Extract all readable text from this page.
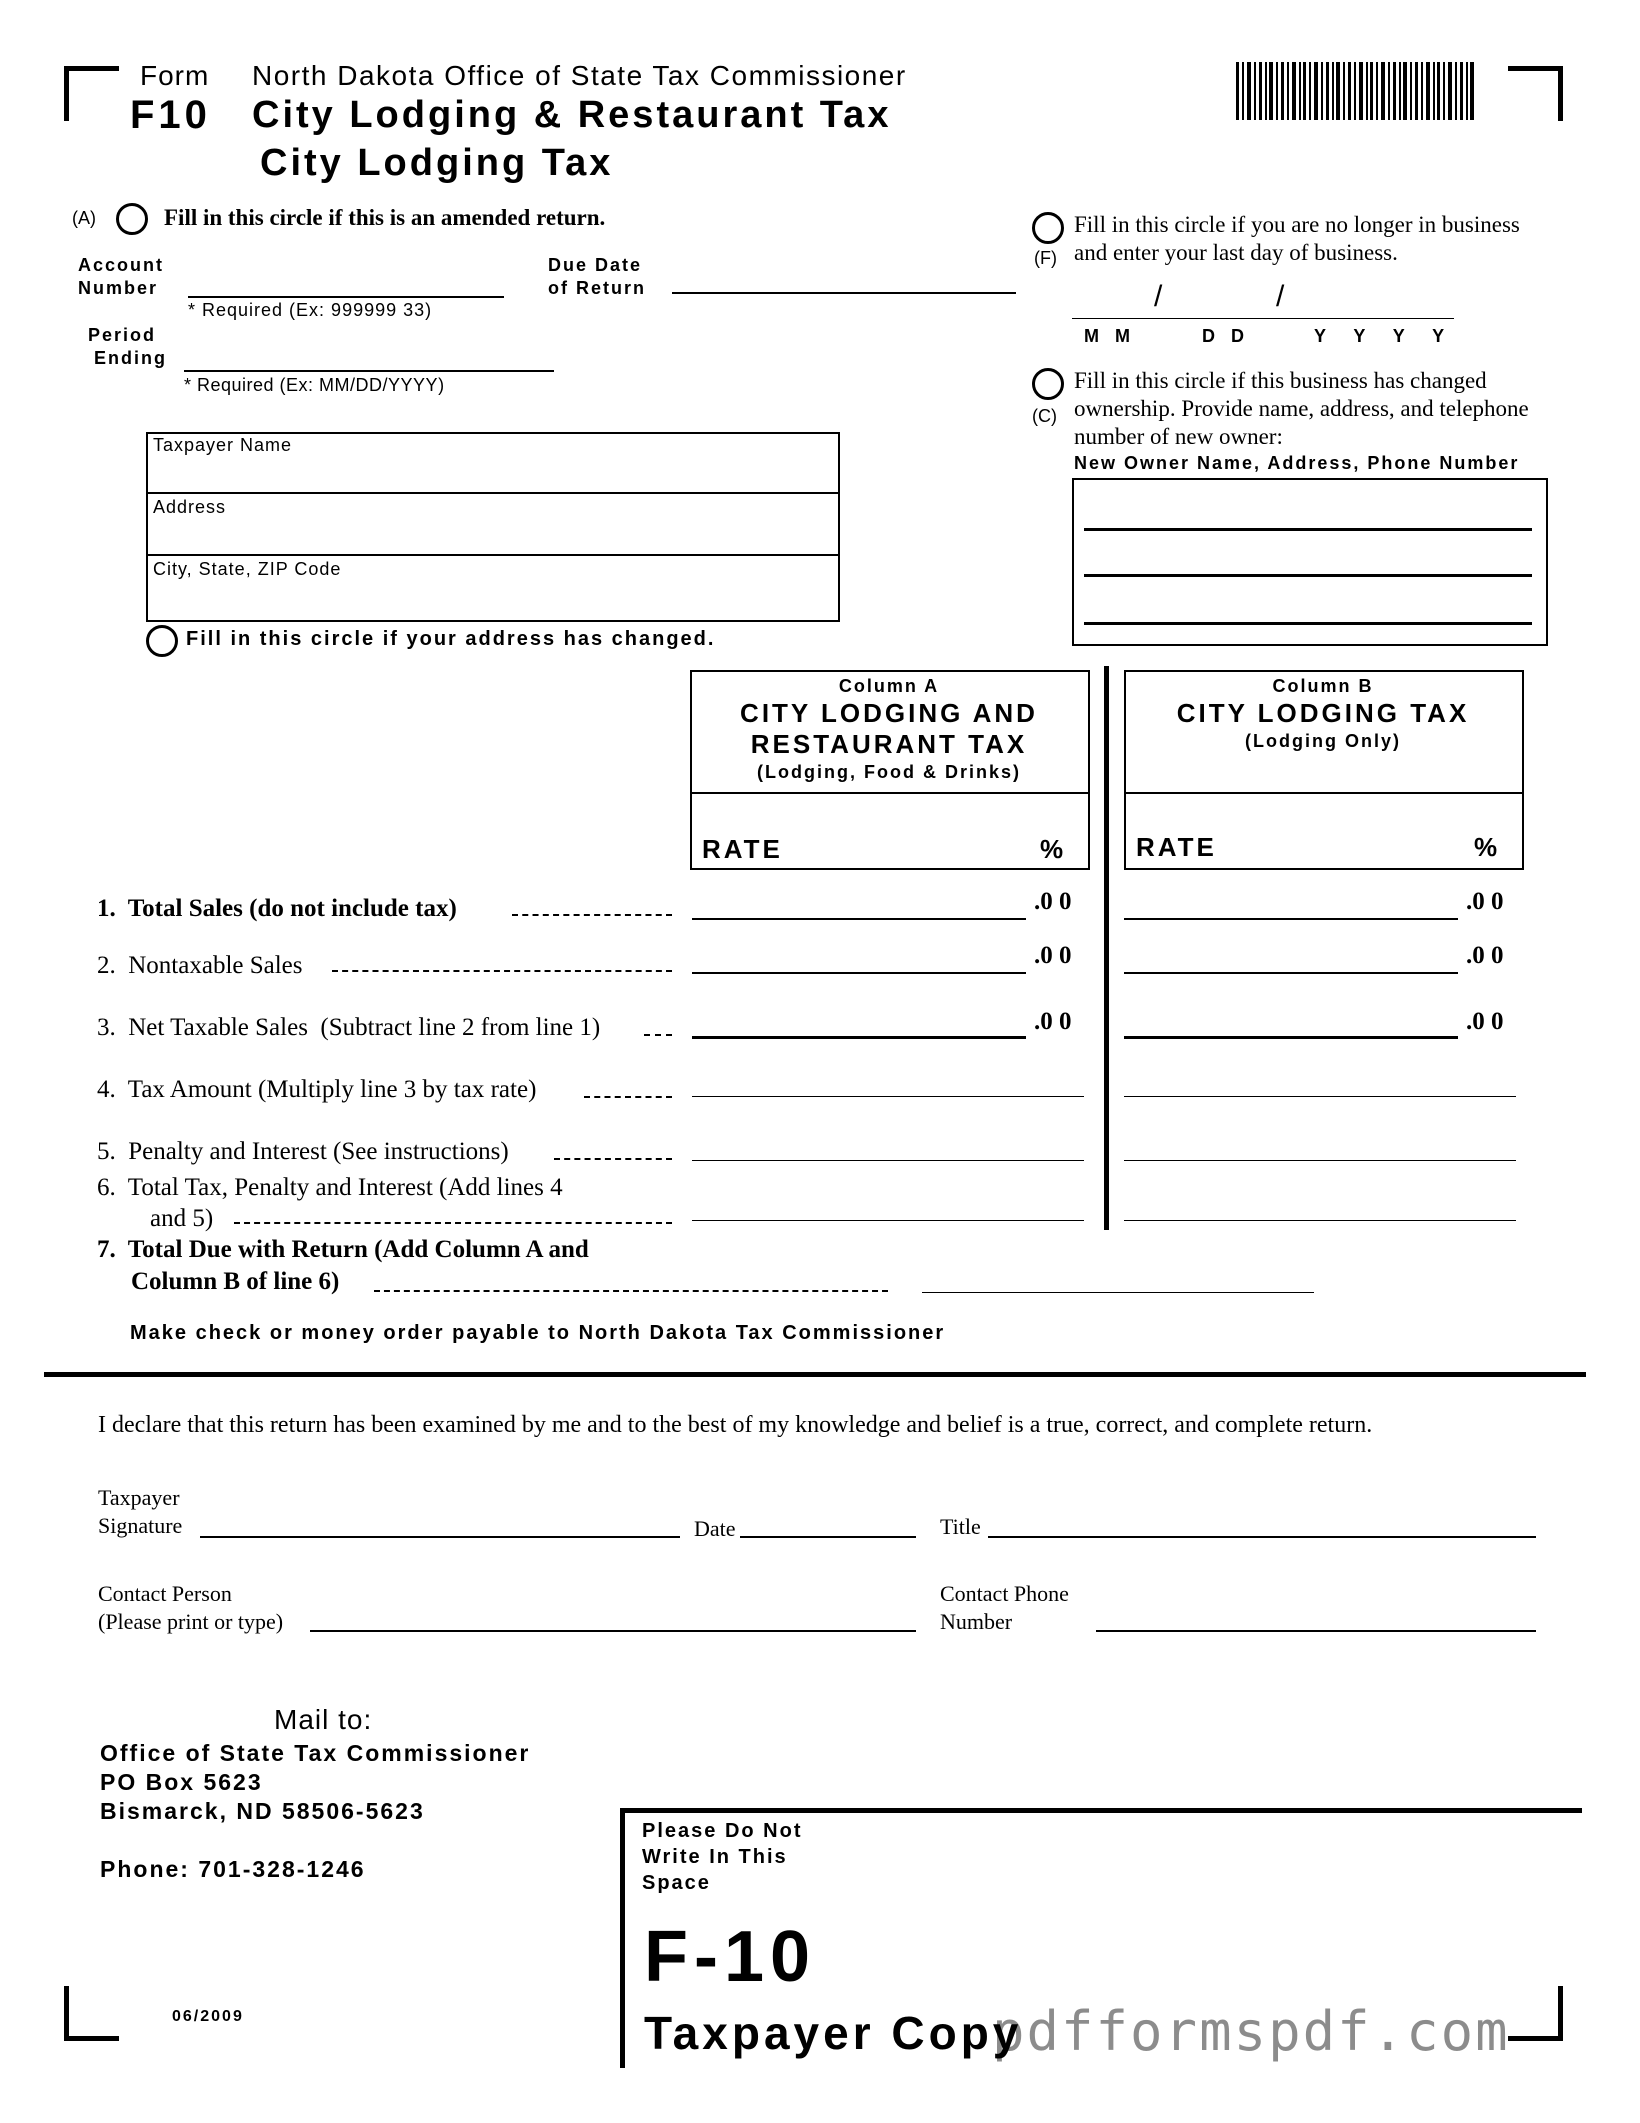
Form
F10
North Dakota Office of State Tax Commissioner
City Lodging & Restaurant Tax
City Lodging Tax
(A)	Fill in this circle if this is an amended return.
Account
Number
* Required (Ex: 999999 33)
Due Date
of Return
Period
Ending
* Required (Ex: MM/DD/YYYY)
Taxpayer Name
Address
City, State, ZIP Code
Fill in this circle if your address has changed.
Fill in this circle if you are no longer in business
(F) and enter your last day of business.
/	/
M  M	D  D	Y  Y  Y  Y
Fill in this circle if this business has changed
(C) ownership. Provide name, address, and telephone
number of new owner:
New Owner Name, Address, Phone Number
Column A
CITY LODGING AND
RESTAURANT TAX
(Lodging, Food & Drinks)
RATE	%
Column B
CITY LODGING TAX
(Lodging Only)
RATE	%
1.  Total Sales (do not include tax)	.0 0	.0 0
2.  Nontaxable Sales	.0 0	.0 0
3.  Net Taxable Sales  (Subtract line 2 from line 1)	.0 0	.0 0
4.  Tax Amount (Multiply line 3 by tax rate)
5.  Penalty and Interest (See instructions)
6.  Total Tax, Penalty and Interest (Add lines 4
and 5)
7.  Total Due with Return (Add Column A and
Column B of line 6)
Make check or money order payable to North Dakota Tax Commissioner
I declare that this return has been examined by me and to the best of my knowledge and belief is a true, correct, and complete return.
Taxpayer
Signature	Date	Title
Contact Person
(Please print or type)
Contact Phone
Number
Mail to:
Office of State Tax Commissioner
PO Box 5623
Bismarck, ND 58506-5623
Phone: 701-328-1246
Please Do Not
Write In This
Space
F-10
Taxpayer Copy
06/2009	pdfformspdf.com
